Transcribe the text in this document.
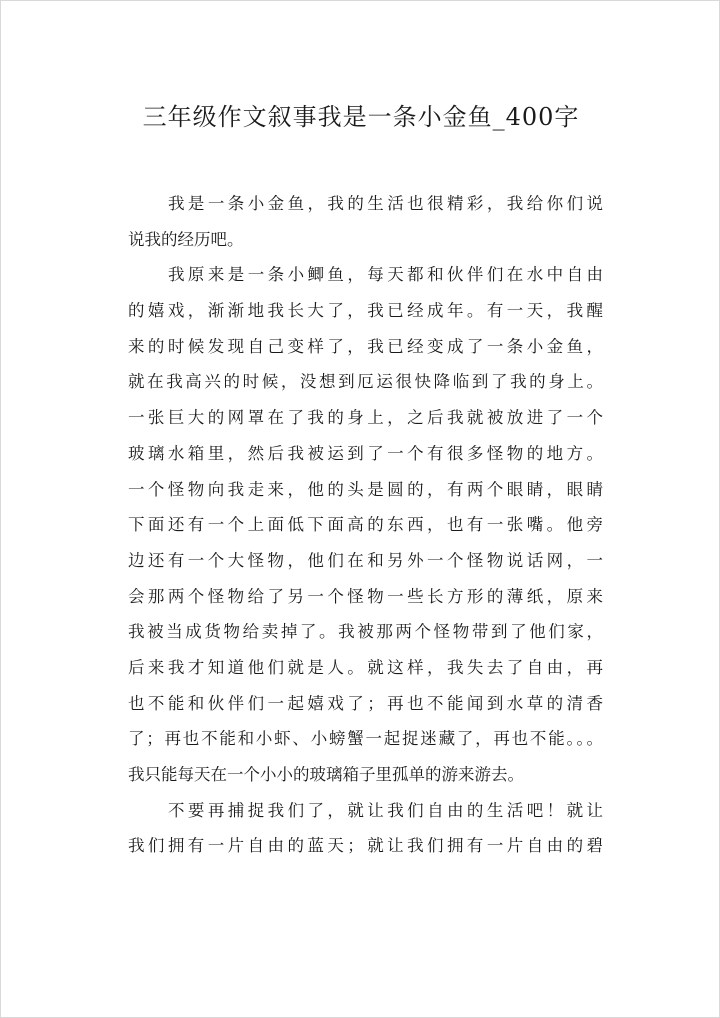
三年级作文叙事我是一条小金鱼_400字
我是一条小金鱼，我的生活也很精彩，我给你们说
说我的经历吧。
我原来是一条小鲫鱼，每天都和伙伴们在水中自由
的嬉戏，渐渐地我长大了，我已经成年。有一天，我醒
来的时候发现自己变样了，我已经变成了一条小金鱼，
就在我高兴的时候，没想到厄运很快降临到了我的身上。
一张巨大的网罩在了我的身上，之后我就被放进了一个
玻璃水箱里，然后我被运到了一个有很多怪物的地方。
一个怪物向我走来，他的头是圆的，有两个眼睛，眼睛
下面还有一个上面低下面高的东西，也有一张嘴。他旁
边还有一个大怪物，他们在和另外一个怪物说话网，一
会那两个怪物给了另一个怪物一些长方形的薄纸，原来
我被当成货物给卖掉了。我被那两个怪物带到了他们家，
后来我才知道他们就是人。就这样，我失去了自由，再
也不能和伙伴们一起嬉戏了；再也不能闻到水草的清香
了；再也不能和小虾、小螃蟹一起捉迷藏了，再也不能。。。
我只能每天在一个小小的玻璃箱子里孤单的游来游去。
不要再捕捉我们了，就让我们自由的生活吧！就让
我们拥有一片自由的蓝天；就让我们拥有一片自由的碧
